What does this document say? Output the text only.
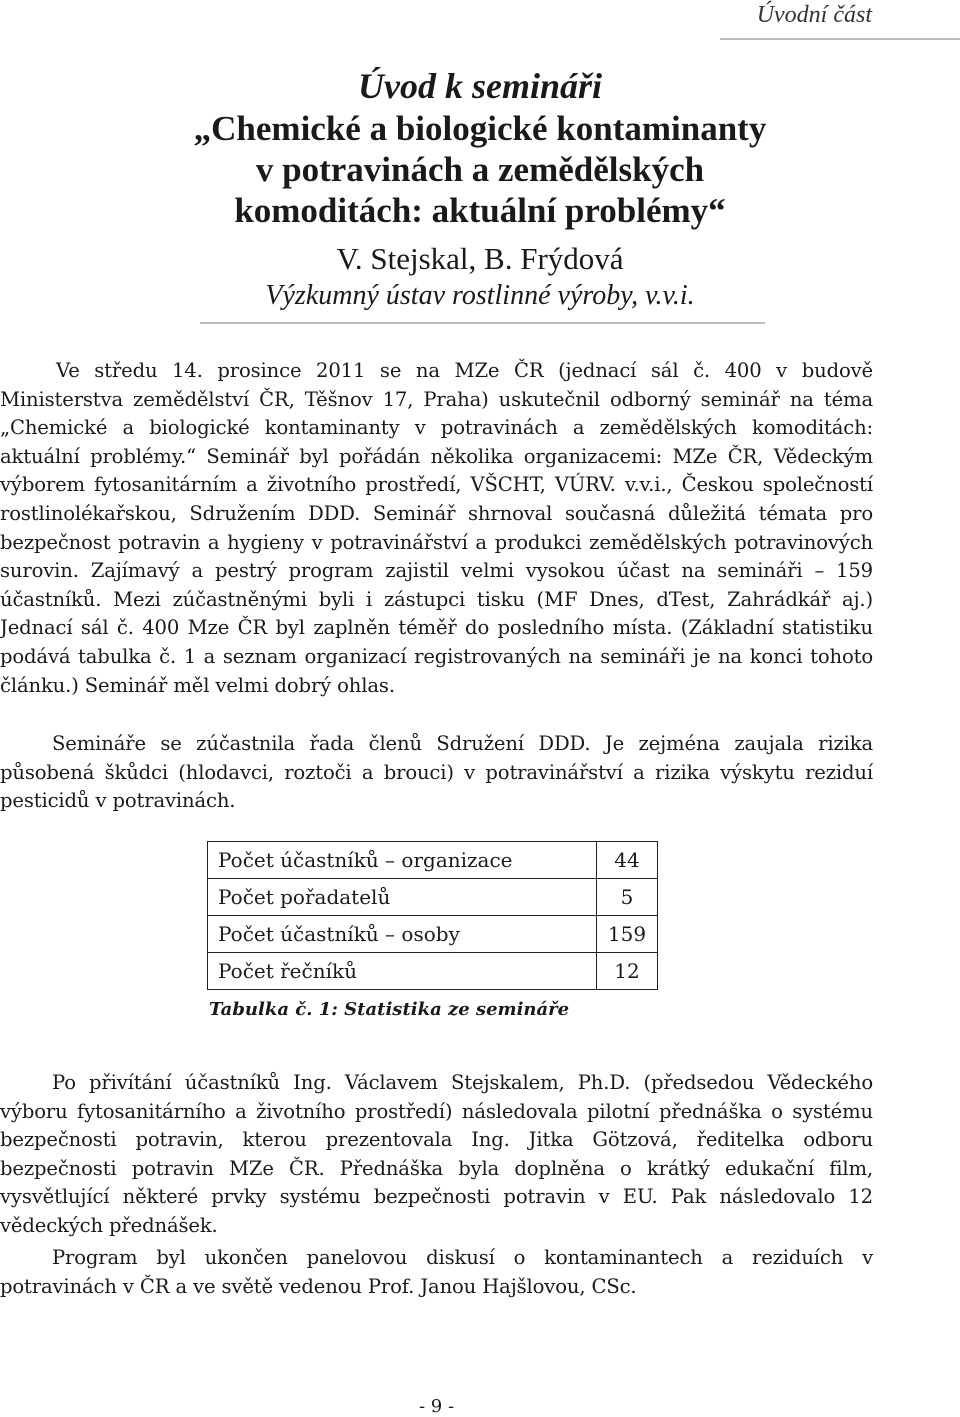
Úvodní část
Úvod k semináři
„Chemické a biologické kontaminanty
v potravinách a zemědělských
komoditách: aktuální problémy“
V. Stejskal, B. Frýdová
Výzkumný ústav rostlinné výroby, v.v.i.

Ve středu 14. prosince 2011 se na MZe ČR (jednací sál č. 400 v budově Ministerstva zemědělství ČR, Těšnov 17, Praha) uskutečnil odborný seminář na téma „Chemické a biologické kontaminanty v potravinách a zemědělských komoditách: aktuální problémy.“ Seminář byl pořádán několika organizacemi: MZe ČR, Vědeckým výborem fytosanitárním a životního prostředí, VŠCHT, VÚRV. v.v.i., Českou společností rostlinolékařskou, Sdružením DDD. Seminář shrnoval současná důležitá témata pro bezpečnost potravin a hygieny v potravinářství a produkci zemědělských potravinových surovin. Zajímavý a pestrý program zajistil velmi vysokou účast na semináři – 159 účastníků. Mezi zúčastněnými byli i zástupci tisku (MF Dnes, dTest, Zahrádkář aj.) Jednací sál č. 400 Mze ČR byl zaplněn téměř do posledního místa. (Základní statistiku podává tabulka č. 1 a seznam organizací registrovaných na semináři je na konci tohoto článku.) Seminář měl velmi dobrý ohlas.

Semináře se zúčastnila řada členů Sdružení DDD. Je zejména zaujala rizika působená škůdci (hlodavci, roztoči a brouci) v potravinářství a rizika výskytu reziduí pesticidů v potravinách.

Počet účastníků – organizace	44
Počet pořadatelů	5
Počet účastníků – osoby	159
Počet řečníků	12
Tabulka č. 1: Statistika ze semináře

Po přivítání účastníků Ing. Václavem Stejskalem, Ph.D. (předsedou Vědeckého výboru fytosanitárního a životního prostředí) následovala pilotní přednáška o systému bezpečnosti potravin, kterou prezentovala Ing. Jitka Götzová, ředitelka odboru bezpečnosti potravin MZe ČR. Přednáška byla doplněna o krátký edukační film, vysvětlující některé prvky systému bezpečnosti potravin v EU. Pak následovalo 12 vědeckých přednášek.

Program byl ukončen panelovou diskusí o kontaminantech a reziduích v potravinách v ČR a ve světě vedenou Prof. Janou Hajšlovou, CSc.

- 9 -
